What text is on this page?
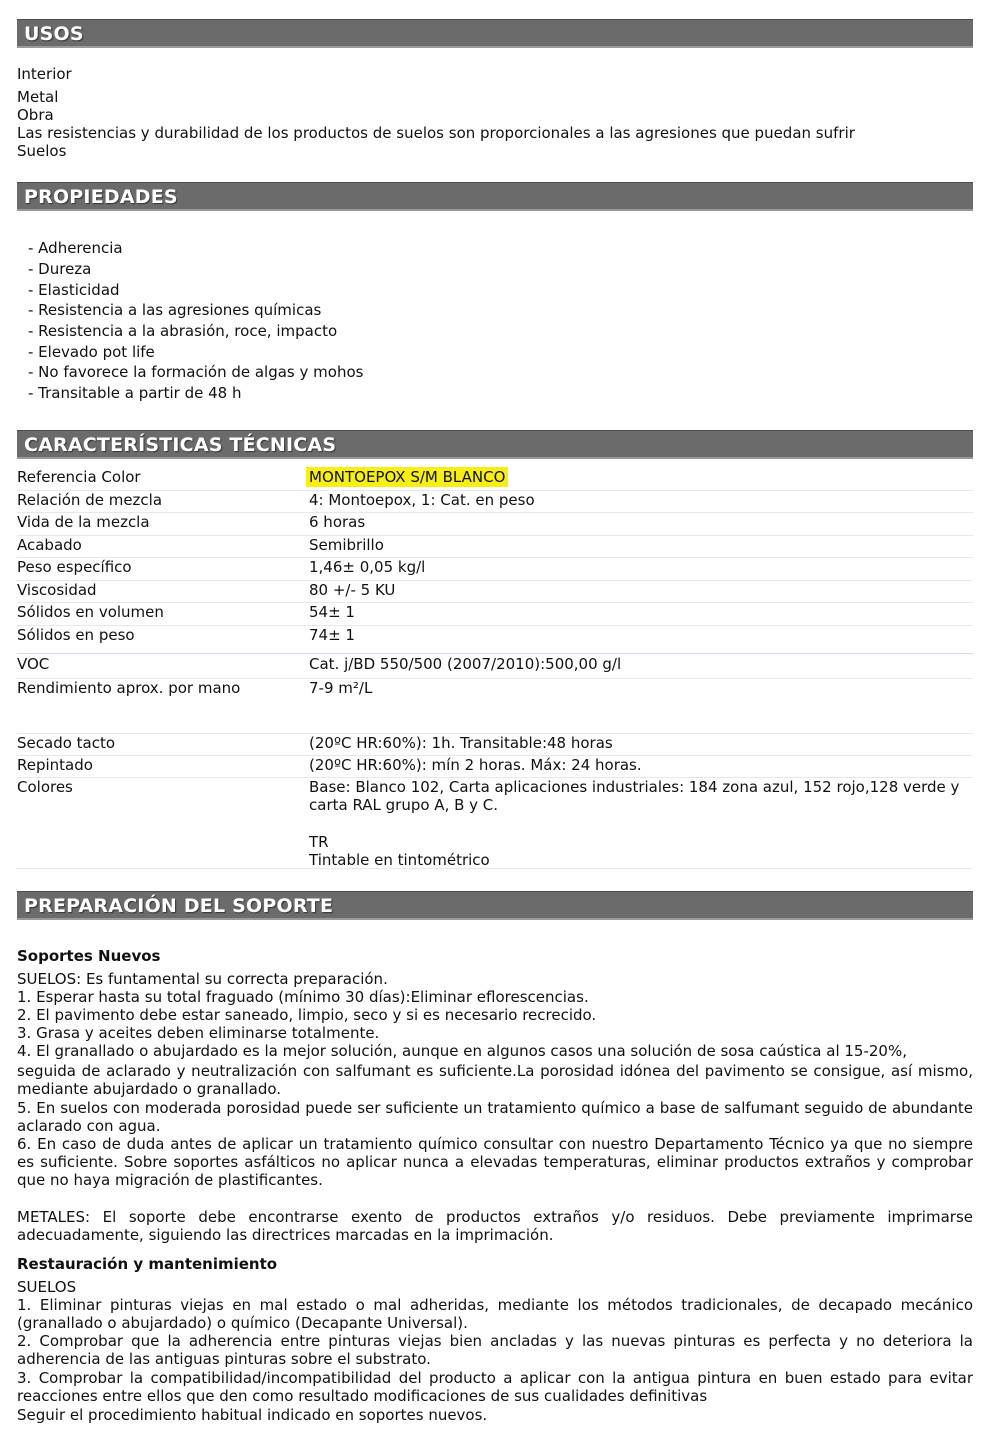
USOS
Interior
Metal
Obra
Las resistencias y durabilidad de los productos de suelos son proporcionales a las agresiones que puedan sufrir
Suelos
PROPIEDADES
- Adherencia
- Dureza
- Elasticidad
- Resistencia a las agresiones químicas
- Resistencia a la abrasión, roce, impacto
- Elevado pot life
- No favorece la formación de algas y mohos
- Transitable a partir de 48 h
CARACTERÍSTICAS TÉCNICAS
Referencia Color	MONTOEPOX S/M BLANCO
Relación de mezcla	4: Montoepox, 1: Cat. en peso
Vida de la mezcla	6 horas
Acabado	Semibrillo
Peso específico	1,46± 0,05 kg/l
Viscosidad	80 +/- 5 KU
Sólidos en volumen	54± 1
Sólidos en peso	74± 1
VOC	Cat. j/BD 550/500 (2007/2010):500,00 g/l
Rendimiento aprox. por mano	7-9 m²/L
Secado tacto	(20ºC HR:60%): 1h. Transitable:48 horas
Repintado	(20ºC HR:60%): mín 2 horas. Máx: 24 horas.
Colores	Base: Blanco 102, Carta aplicaciones industriales: 184 zona azul, 152 rojo,128 verde y carta RAL grupo A, B y C.
TR
Tintable en tintométrico
PREPARACIÓN DEL SOPORTE
Soportes Nuevos
SUELOS: Es funtamental su correcta preparación.
1. Esperar hasta su total fraguado (mínimo 30 días):Eliminar eflorescencias.
2. El pavimento debe estar saneado, limpio, seco y si es necesario recrecido.
3. Grasa y aceites deben eliminarse totalmente.
4. El granallado o abujardado es la mejor solución, aunque en algunos casos una solución de sosa caústica al 15-20%,
seguida de aclarado y neutralización con salfumant es suficiente.La porosidad idónea del pavimento se consigue, así mismo, mediante abujardado o granallado.
5. En suelos con moderada porosidad puede ser suficiente un tratamiento químico a base de salfumant seguido de abundante aclarado con agua.
6. En caso de duda antes de aplicar un tratamiento químico consultar con nuestro Departamento Técnico ya que no siempre es suficiente. Sobre soportes asfálticos no aplicar nunca a elevadas temperaturas, eliminar productos extraños y comprobar que no haya migración de plastificantes.
METALES: El soporte debe encontrarse exento de productos extraños y/o residuos. Debe previamente imprimarse adecuadamente, siguiendo las directrices marcadas en la imprimación.
Restauración y mantenimiento
SUELOS
1. Eliminar pinturas viejas en mal estado o mal adheridas, mediante los métodos tradicionales, de decapado mecánico (granallado o abujardado) o químico (Decapante Universal).
2. Comprobar que la adherencia entre pinturas viejas bien ancladas y las nuevas pinturas es perfecta y no deteriora la adherencia de las antiguas pinturas sobre el substrato.
3. Comprobar la compatibilidad/incompatibilidad del producto a aplicar con la antigua pintura en buen estado para evitar reacciones entre ellos que den como resultado modificaciones de sus cualidades definitivas
Seguir el procedimiento habitual indicado en soportes nuevos.
